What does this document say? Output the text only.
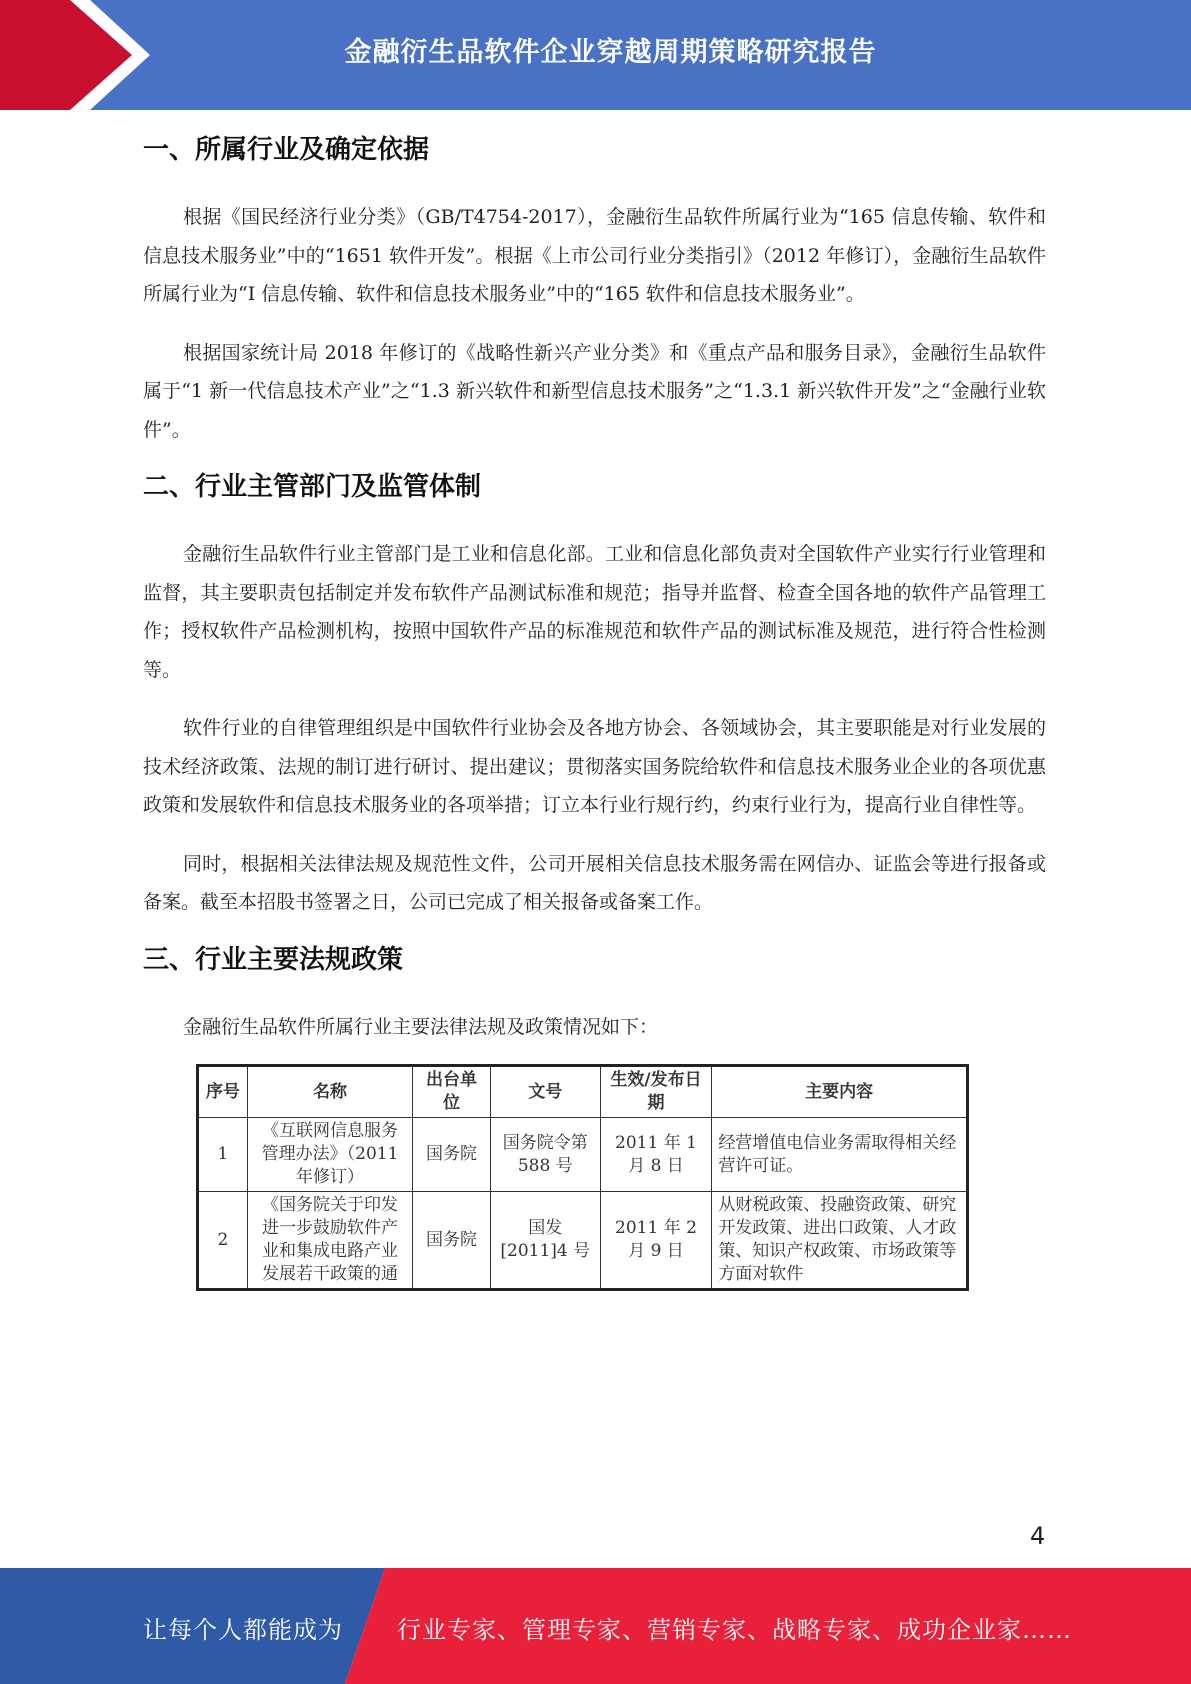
金融衍生品软件企业穿越周期策略研究报告
一、所属行业及确定依据

根据《国民经济行业分类》（GB/T4754-2017），金融衍生品软件所属行业为“165 信息传输、软件和信息技术服务业”中的“1651 软件开发”。根据《上市公司行业分类指引》（2012 年修订），金融衍生品软件所属行业为“I 信息传输、软件和信息技术服务业”中的“165 软件和信息技术服务业”。

根据国家统计局 2018 年修订的《战略性新兴产业分类》和《重点产品和服务目录》，金融衍生品软件属于“1 新一代信息技术产业”之“1.3 新兴软件和新型信息技术服务”之“1.3.1 新兴软件开发”之“金融行业软件”。

二、行业主管部门及监管体制

金融衍生品软件行业主管部门是工业和信息化部。工业和信息化部负责对全国软件产业实行行业管理和监督，其主要职责包括制定并发布软件产品测试标准和规范；指导并监督、检查全国各地的软件产品管理工作；授权软件产品检测机构，按照中国软件产品的标准规范和软件产品的测试标准及规范，进行符合性检测等。

软件行业的自律管理组织是中国软件行业协会及各地方协会、各领域协会，其主要职能是对行业发展的技术经济政策、法规的制订进行研讨、提出建议；贯彻落实国务院给软件和信息技术服务业企业的各项优惠政策和发展软件和信息技术服务业的各项举措；订立本行业行规行约，约束行业行为，提高行业自律性等。

同时，根据相关法律法规及规范性文件，公司开展相关信息技术服务需在网信办、证监会等进行报备或备案。截至本招股书签署之日，公司已完成了相关报备或备案工作。

三、行业主要法规政策

金融衍生品软件所属行业主要法律法规及政策情况如下：

序号	名称	出台单位	文号	生效/发布日期	主要内容
1	《互联网信息服务管理办法》（2011 年修订）	国务院	国务院令第 588 号	2011 年 1 月 8 日	经营增值电信业务需取得相关经营许可证。
2	《国务院关于印发进一步鼓励软件产业和集成电路产业发展若干政策的通	国务院	国发 [2011]4 号	2011 年 2 月 9 日	从财税政策、投融资政策、研究开发政策、进出口政策、人才政策、知识产权政策、市场政策等方面对软件
4
让每个人都能成为 行业专家、管理专家、营销专家、战略专家、成功企业家……
